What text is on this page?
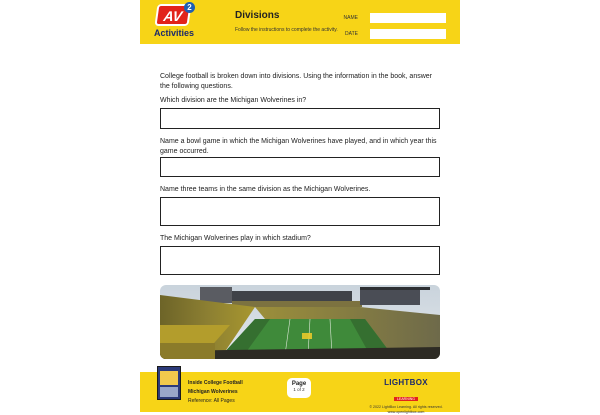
AV
2
Activities
Divisions
Follow the instructions to complete the activity.
NAME
DATE

College football is broken down into divisions. Using the information in the book, answer the following questions.

Which division are the Michigan Wolverines in?
Name a bowl game in which the Michigan Wolverines have played, and in which year this game occurred.
Name three teams in the same division as the Michigan Wolverines.
The Michigan Wolverines play in which stadium?
Inside College Football
Michigan Wolverines
Reference: All Pages
Page
1 of 2
LIGHTBOX
LEARNING
© 2022 LightBox Learning. All rights reserved.
www.openlightbox.com
